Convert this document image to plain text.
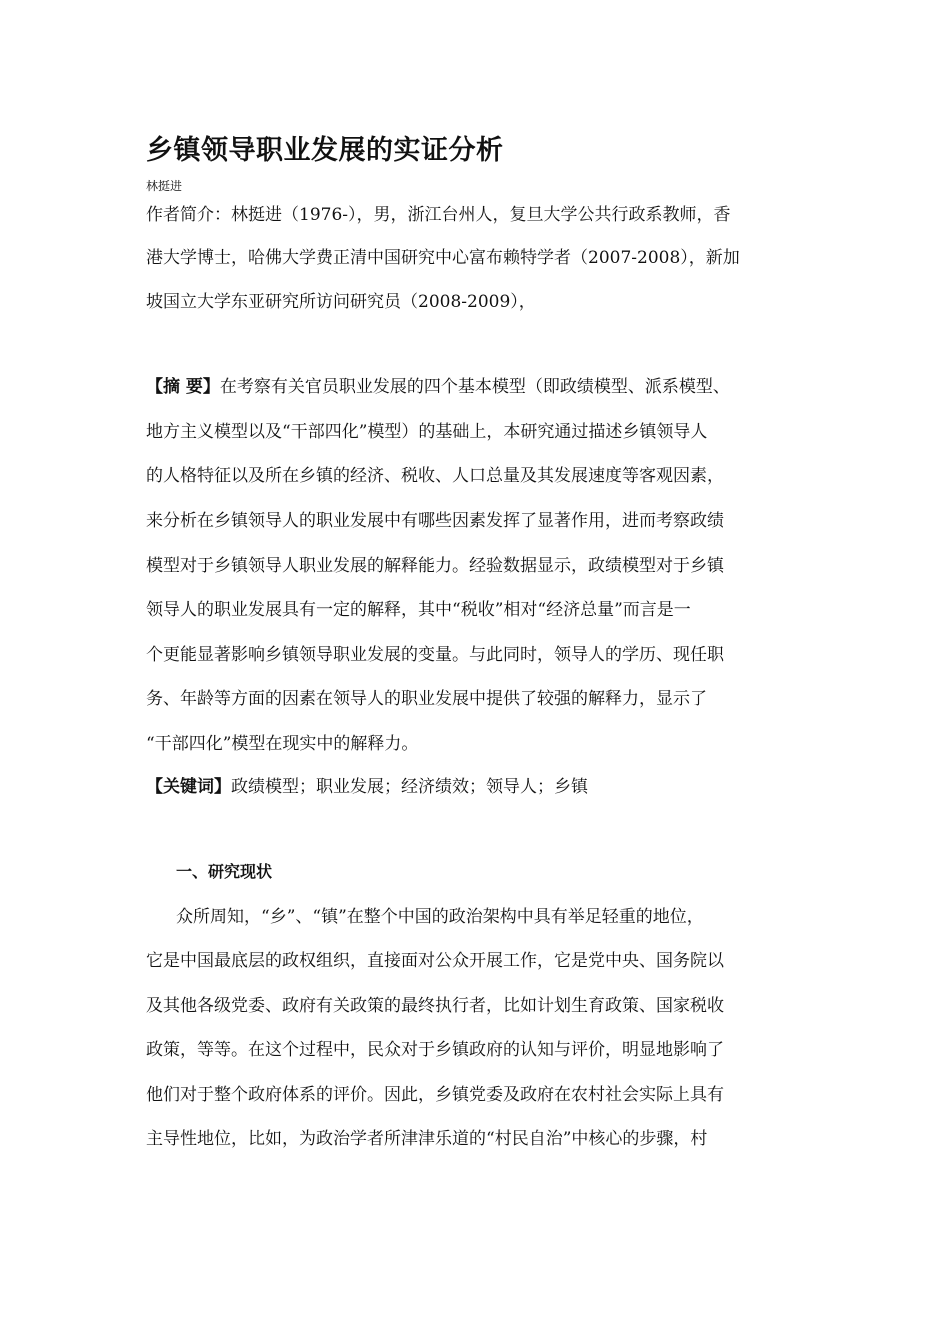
乡镇领导职业发展的实证分析
林挺进
作者简介：林挺进（1976-），男，浙江台州人，复旦大学公共行政系教师，香
港大学博士，哈佛大学费正清中国研究中心富布赖特学者（2007-2008），新加
坡国立大学东亚研究所访问研究员（2008-2009），
【摘 要】在考察有关官员职业发展的四个基本模型（即政绩模型、派系模型、
地方主义模型以及“干部四化”模型）的基础上，本研究通过描述乡镇领导人
的人格特征以及所在乡镇的经济、税收、人口总量及其发展速度等客观因素，
来分析在乡镇领导人的职业发展中有哪些因素发挥了显著作用，进而考察政绩
模型对于乡镇领导人职业发展的解释能力。经验数据显示，政绩模型对于乡镇
领导人的职业发展具有一定的解释，其中“税收”相对“经济总量”而言是一
个更能显著影响乡镇领导职业发展的变量。与此同时，领导人的学历、现任职
务、年龄等方面的因素在领导人的职业发展中提供了较强的解释力，显示了
“干部四化”模型在现实中的解释力。
【关键词】政绩模型；职业发展；经济绩效；领导人；乡镇
一、研究现状
众所周知，“乡”、“镇”在整个中国的政治架构中具有举足轻重的地位，
它是中国最底层的政权组织，直接面对公众开展工作，它是党中央、国务院以
及其他各级党委、政府有关政策的最终执行者，比如计划生育政策、国家税收
政策，等等。在这个过程中，民众对于乡镇政府的认知与评价，明显地影响了
他们对于整个政府体系的评价。因此，乡镇党委及政府在农村社会实际上具有
主导性地位，比如，为政治学者所津津乐道的“村民自治”中核心的步骤，村
